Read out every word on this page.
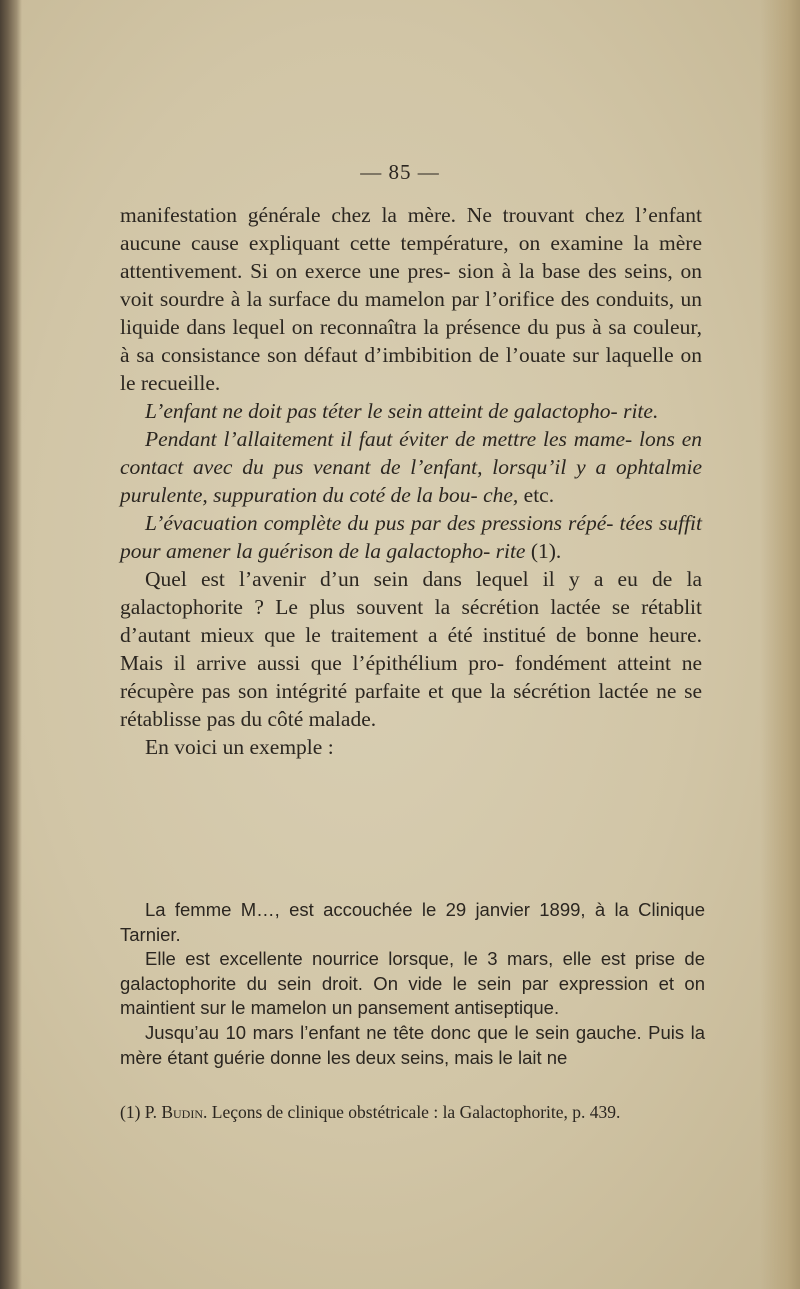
— 85 —

manifestation générale chez la mère. Ne trouvant chez l’enfant aucune cause expliquant cette température, on examine la mère attentivement. Si on exerce une pres- sion à la base des seins, on voit sourdre à la surface du mamelon par l’orifice des conduits, un liquide dans lequel on reconnaîtra la présence du pus à sa couleur, à sa consistance son défaut d’imbibition de l’ouate sur laquelle on le recueille.

L’enfant ne doit pas téter le sein atteint de galactopho- rite.

Pendant l’allaitement il faut éviter de mettre les mame- lons en contact avec du pus venant de l’enfant, lorsqu’il y a ophtalmie purulente, suppuration du coté de la bou- che, etc.

L’évacuation complète du pus par des pressions répé- tées suffit pour amener la guérison de la galactopho- rite (1).

Quel est l’avenir d’un sein dans lequel il y a eu de la galactophorite ? Le plus souvent la sécrétion lactée se rétablit d’autant mieux que le traitement a été institué de bonne heure. Mais il arrive aussi que l’épithélium pro- fondément atteint ne récupère pas son intégrité parfaite et que la sécrétion lactée ne se rétablisse pas du côté malade.

En voici un exemple :

La femme M…, est accouchée le 29 janvier 1899, à la Clinique Tarnier.

Elle est excellente nourrice lorsque, le 3 mars, elle est prise de galactophorite du sein droit. On vide le sein par expression et on maintient sur le mamelon un pansement antiseptique.

Jusqu’au 10 mars l’enfant ne tête donc que le sein gauche. Puis la mère étant guérie donne les deux seins, mais le lait ne

(1) P. Budin. Leçons de clinique obstétricale : la Galactophorite, p. 439.
